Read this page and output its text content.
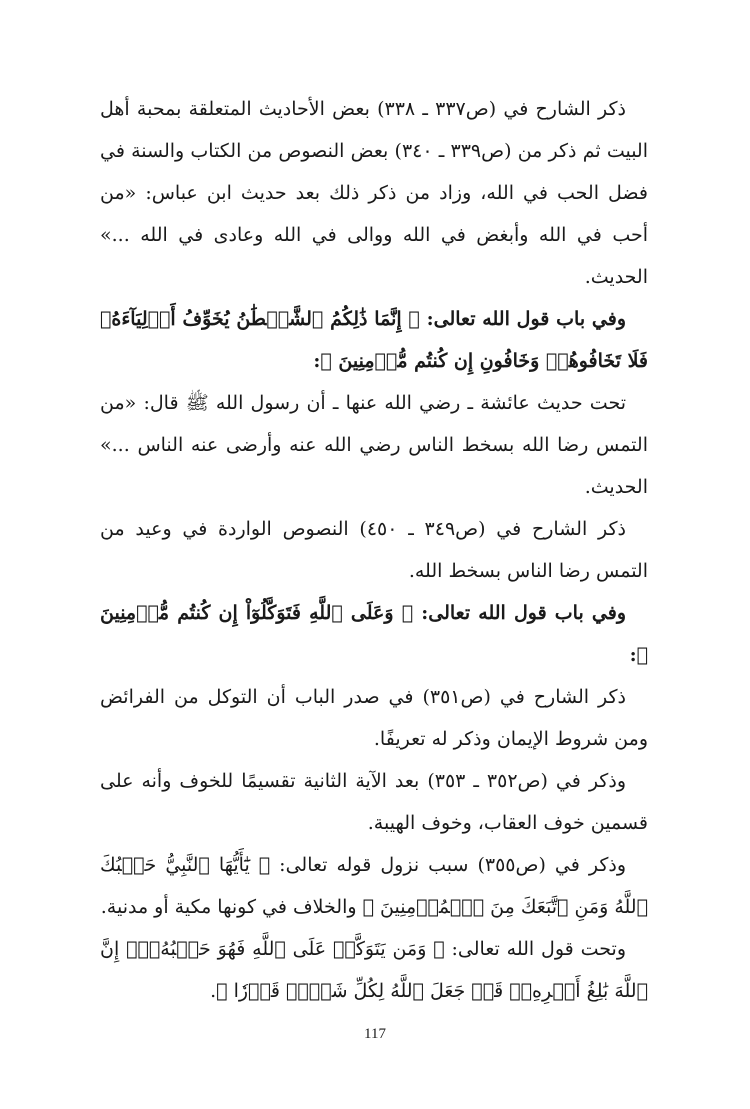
ذكر الشارح في (ص٣٣٧ ـ ٣٣٨) بعض الأحاديث المتعلقة بمحبة أهل البيت ثم ذكر من (ص٣٣٩ ـ ٣٤٠) بعض النصوص من الكتاب والسنة في فضل الحب في الله، وزاد من ذكر ذلك بعد حديث ابن عباس: «من أحب في الله وأبغض في الله ووالى في الله وعادى في الله ...» الحديث.

وفي باب قول الله تعالى: ﴿ إِنَّمَا ذَٰلِكُمُ ٱلشَّيۡطَٰنُ يُخَوِّفُ أَوۡلِيَآءَهُۥ فَلَا تَخَافُوهُمۡ وَخَافُونِ إِن كُنتُم مُّؤۡمِنِينَ ﴾:

تحت حديث عائشة ـ رضي الله عنها ـ أن رسول الله ﷺ قال: «من التمس رضا الله بسخط الناس رضي الله عنه وأرضى عنه الناس ...» الحديث.

ذكر الشارح في (ص٣٤٩ ـ ٤٥٠) النصوص الواردة في وعيد من التمس رضا الناس بسخط الله.

وفي باب قول الله تعالى: ﴿ وَعَلَى ٱللَّهِ فَتَوَكَّلُوٓاْ إِن كُنتُم مُّؤۡمِنِينَ ﴾:

ذكر الشارح في (ص٣٥١) في صدر الباب أن التوكل من الفرائض ومن شروط الإيمان وذكر له تعريفًا.

وذكر في (ص٣٥٢ ـ ٣٥٣) بعد الآية الثانية تقسيمًا للخوف وأنه على قسمين خوف العقاب، وخوف الهيبة.

وذكر في (ص٣٥٥) سبب نزول قوله تعالى: ﴿ يَٰٓأَيُّهَا ٱلنَّبِيُّ حَسۡبُكَ ٱللَّهُ وَمَنِ ٱتَّبَعَكَ مِنَ ٱلۡمُؤۡمِنِينَ ﴾ والخلاف في كونها مكية أو مدنية.

وتحت قول الله تعالى: ﴿ وَمَن يَتَوَكَّلۡ عَلَى ٱللَّهِ فَهُوَ حَسۡبُهُۥٓۚ إِنَّ ٱللَّهَ بَٰلِغُ أَمۡرِهِۦۚ قَدۡ جَعَلَ ٱللَّهُ لِكُلِّ شَيۡءٖ قَدۡرٗا ﴾.

117
